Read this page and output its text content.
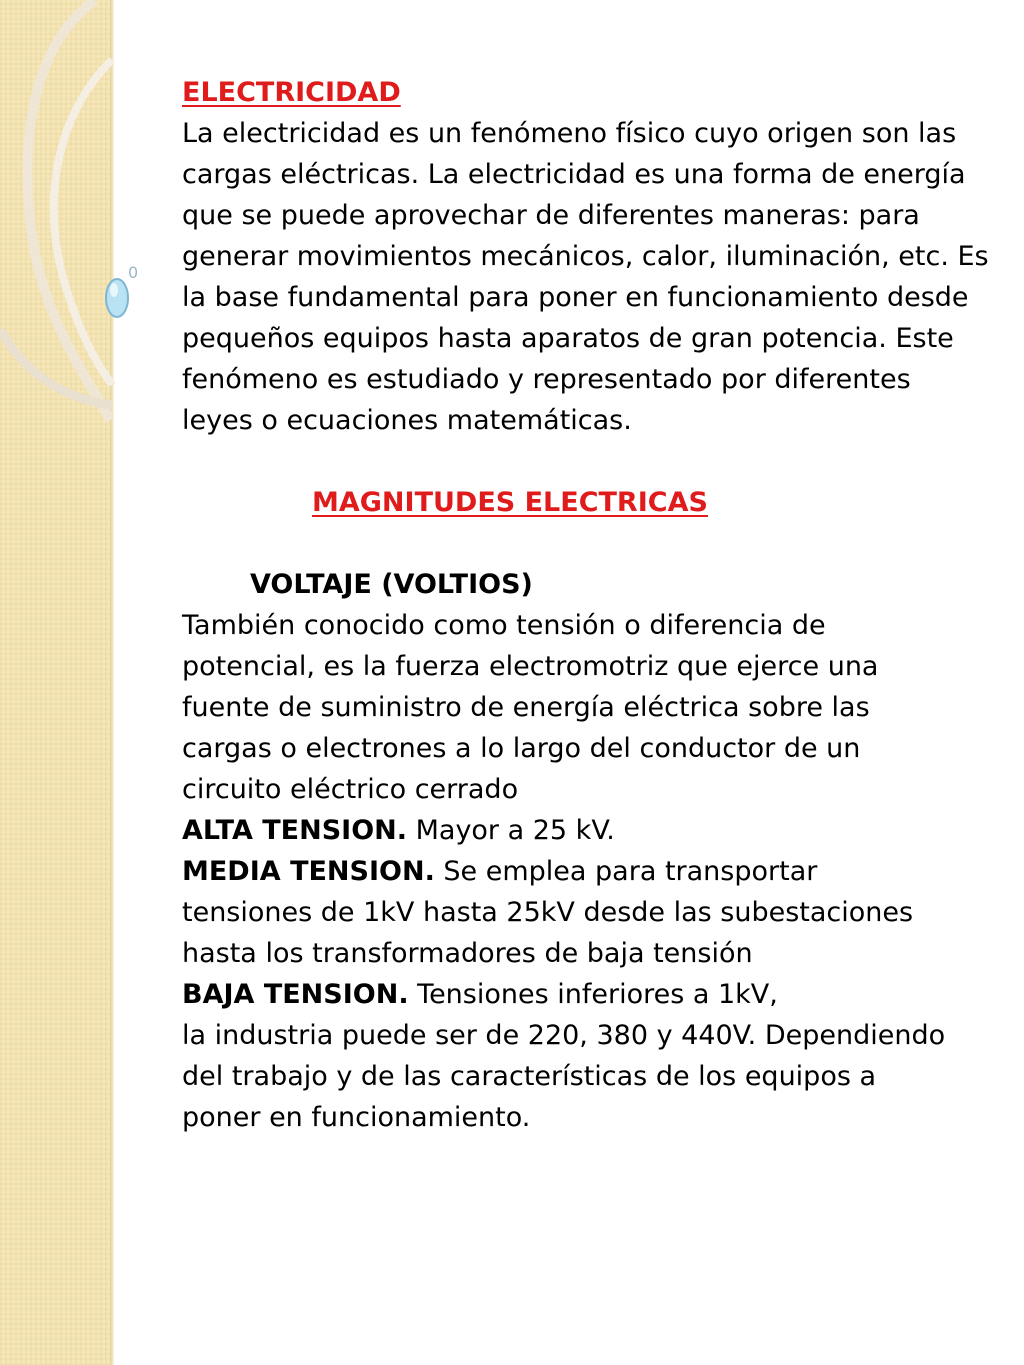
0

ELECTRICIDAD

La electricidad es un fenómeno físico cuyo origen son las

cargas eléctricas. La electricidad es una forma de energía

que se puede aprovechar de diferentes maneras: para

generar movimientos mecánicos, calor, iluminación, etc. Es

la base fundamental para poner en funcionamiento desde

pequeños equipos hasta aparatos de gran potencia. Este

fenómeno es estudiado y representado por diferentes

leyes o ecuaciones matemáticas.

MAGNITUDES ELECTRICAS

VOLTAJE (VOLTIOS)

También conocido como tensión o diferencia de

potencial, es la fuerza electromotriz que ejerce una

fuente de suministro de energía eléctrica sobre las

cargas o electrones a lo largo del conductor de un

circuito eléctrico cerrado

ALTA TENSION. Mayor a 25 kV.

MEDIA TENSION. Se emplea para transportar

tensiones de 1kV hasta 25kV desde las subestaciones

hasta los transformadores de baja tensión

BAJA TENSION. Tensiones inferiores a 1kV,

la industria puede ser de 220, 380 y 440V. Dependiendo

del trabajo y de las características de los equipos a

poner en funcionamiento.
